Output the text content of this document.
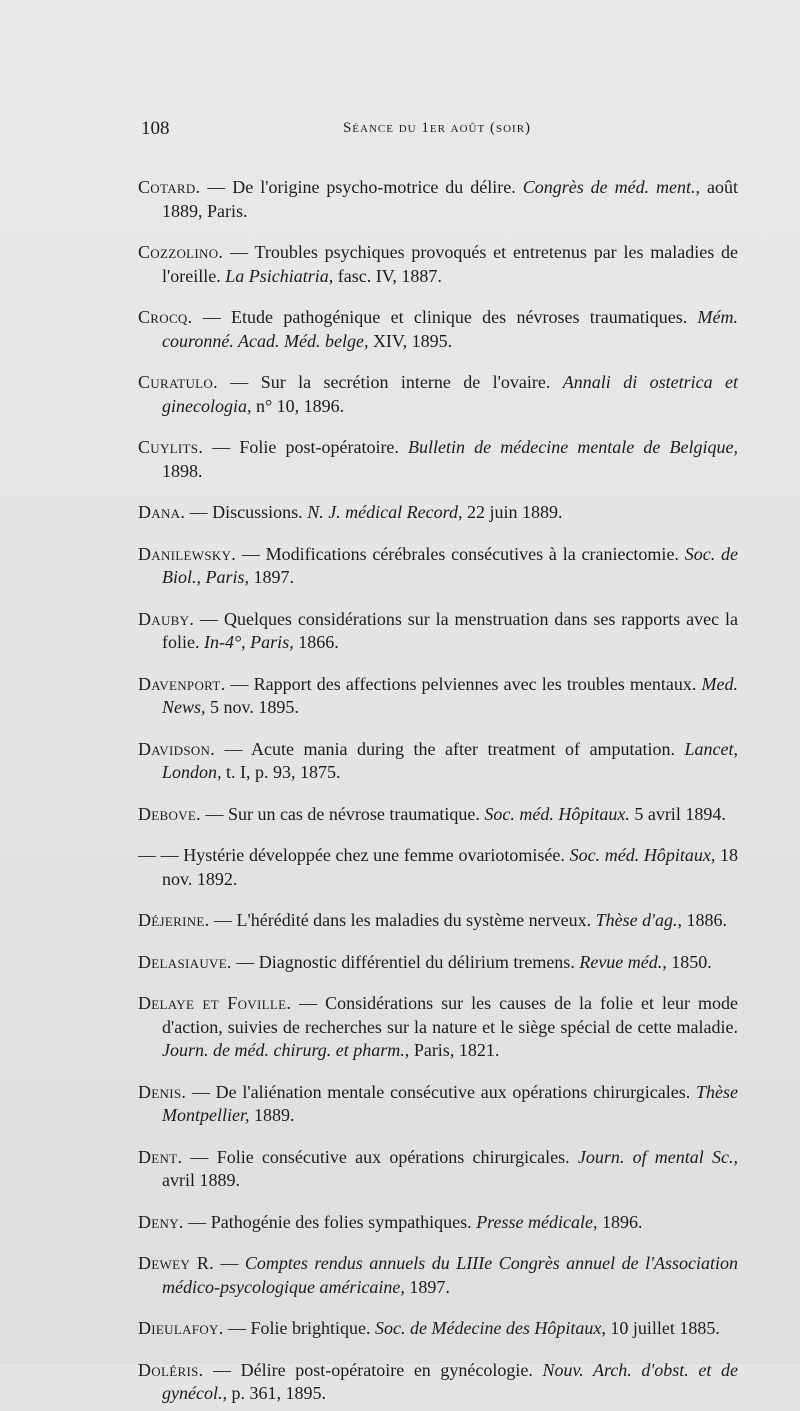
108	Séance du 1er août (soir)

Cotard. — De l'origine psycho-motrice du délire. Congrès de méd. ment., août 1889, Paris.

Cozzolino. — Troubles psychiques provoqués et entretenus par les maladies de l'oreille. La Psichiatria, fasc. IV, 1887.

Crocq. — Etude pathogénique et clinique des névroses traumatiques. Mém. couronné. Acad. Méd. belge, XIV, 1895.

Curatulo. — Sur la secrétion interne de l'ovaire. Annali di ostetrica et ginecologia, n° 10, 1896.

Cuylits. — Folie post-opératoire. Bulletin de médecine mentale de Belgique, 1898.

Dana. — Discussions. N. J. médical Record, 22 juin 1889.

Danilewsky. — Modifications cérébrales consécutives à la craniectomie. Soc. de Biol., Paris, 1897.

Dauby. — Quelques considérations sur la menstruation dans ses rapports avec la folie. In-4°, Paris, 1866.

Davenport. — Rapport des affections pelviennes avec les troubles mentaux. Med. News, 5 nov. 1895.

Davidson. — Acute mania during the after treatment of amputation. Lancet, London, t. I, p. 93, 1875.

Debove. — Sur un cas de névrose traumatique. Soc. méd. Hôpitaux. 5 avril 1894.

— — Hystérie développée chez une femme ovariotomisée. Soc. méd. Hôpitaux, 18 nov. 1892.

Déjerine. — L'hérédité dans les maladies du système nerveux. Thèse d'ag., 1886.

Delasiauve. — Diagnostic différentiel du délirium tremens. Revue méd., 1850.

Delaye et Foville. — Considérations sur les causes de la folie et leur mode d'action, suivies de recherches sur la nature et le siège spécial de cette maladie. Journ. de méd. chirurg. et pharm., Paris, 1821.

Denis. — De l'aliénation mentale consécutive aux opérations chirurgicales. Thèse Montpellier, 1889.

Dent. — Folie consécutive aux opérations chirurgicales. Journ. of mental Sc., avril 1889.

Deny. — Pathogénie des folies sympathiques. Presse médicale, 1896.

Dewey R. — Comptes rendus annuels du LIIIe Congrès annuel de l'Association médico-psycologique américaine, 1897.

Dieulafoy. — Folie brightique. Soc. de Médecine des Hôpitaux, 10 juillet 1885.

Doléris. — Délire post-opératoire en gynécologie. Nouv. Arch. d'obst. et de gynécol., p. 361, 1895.
